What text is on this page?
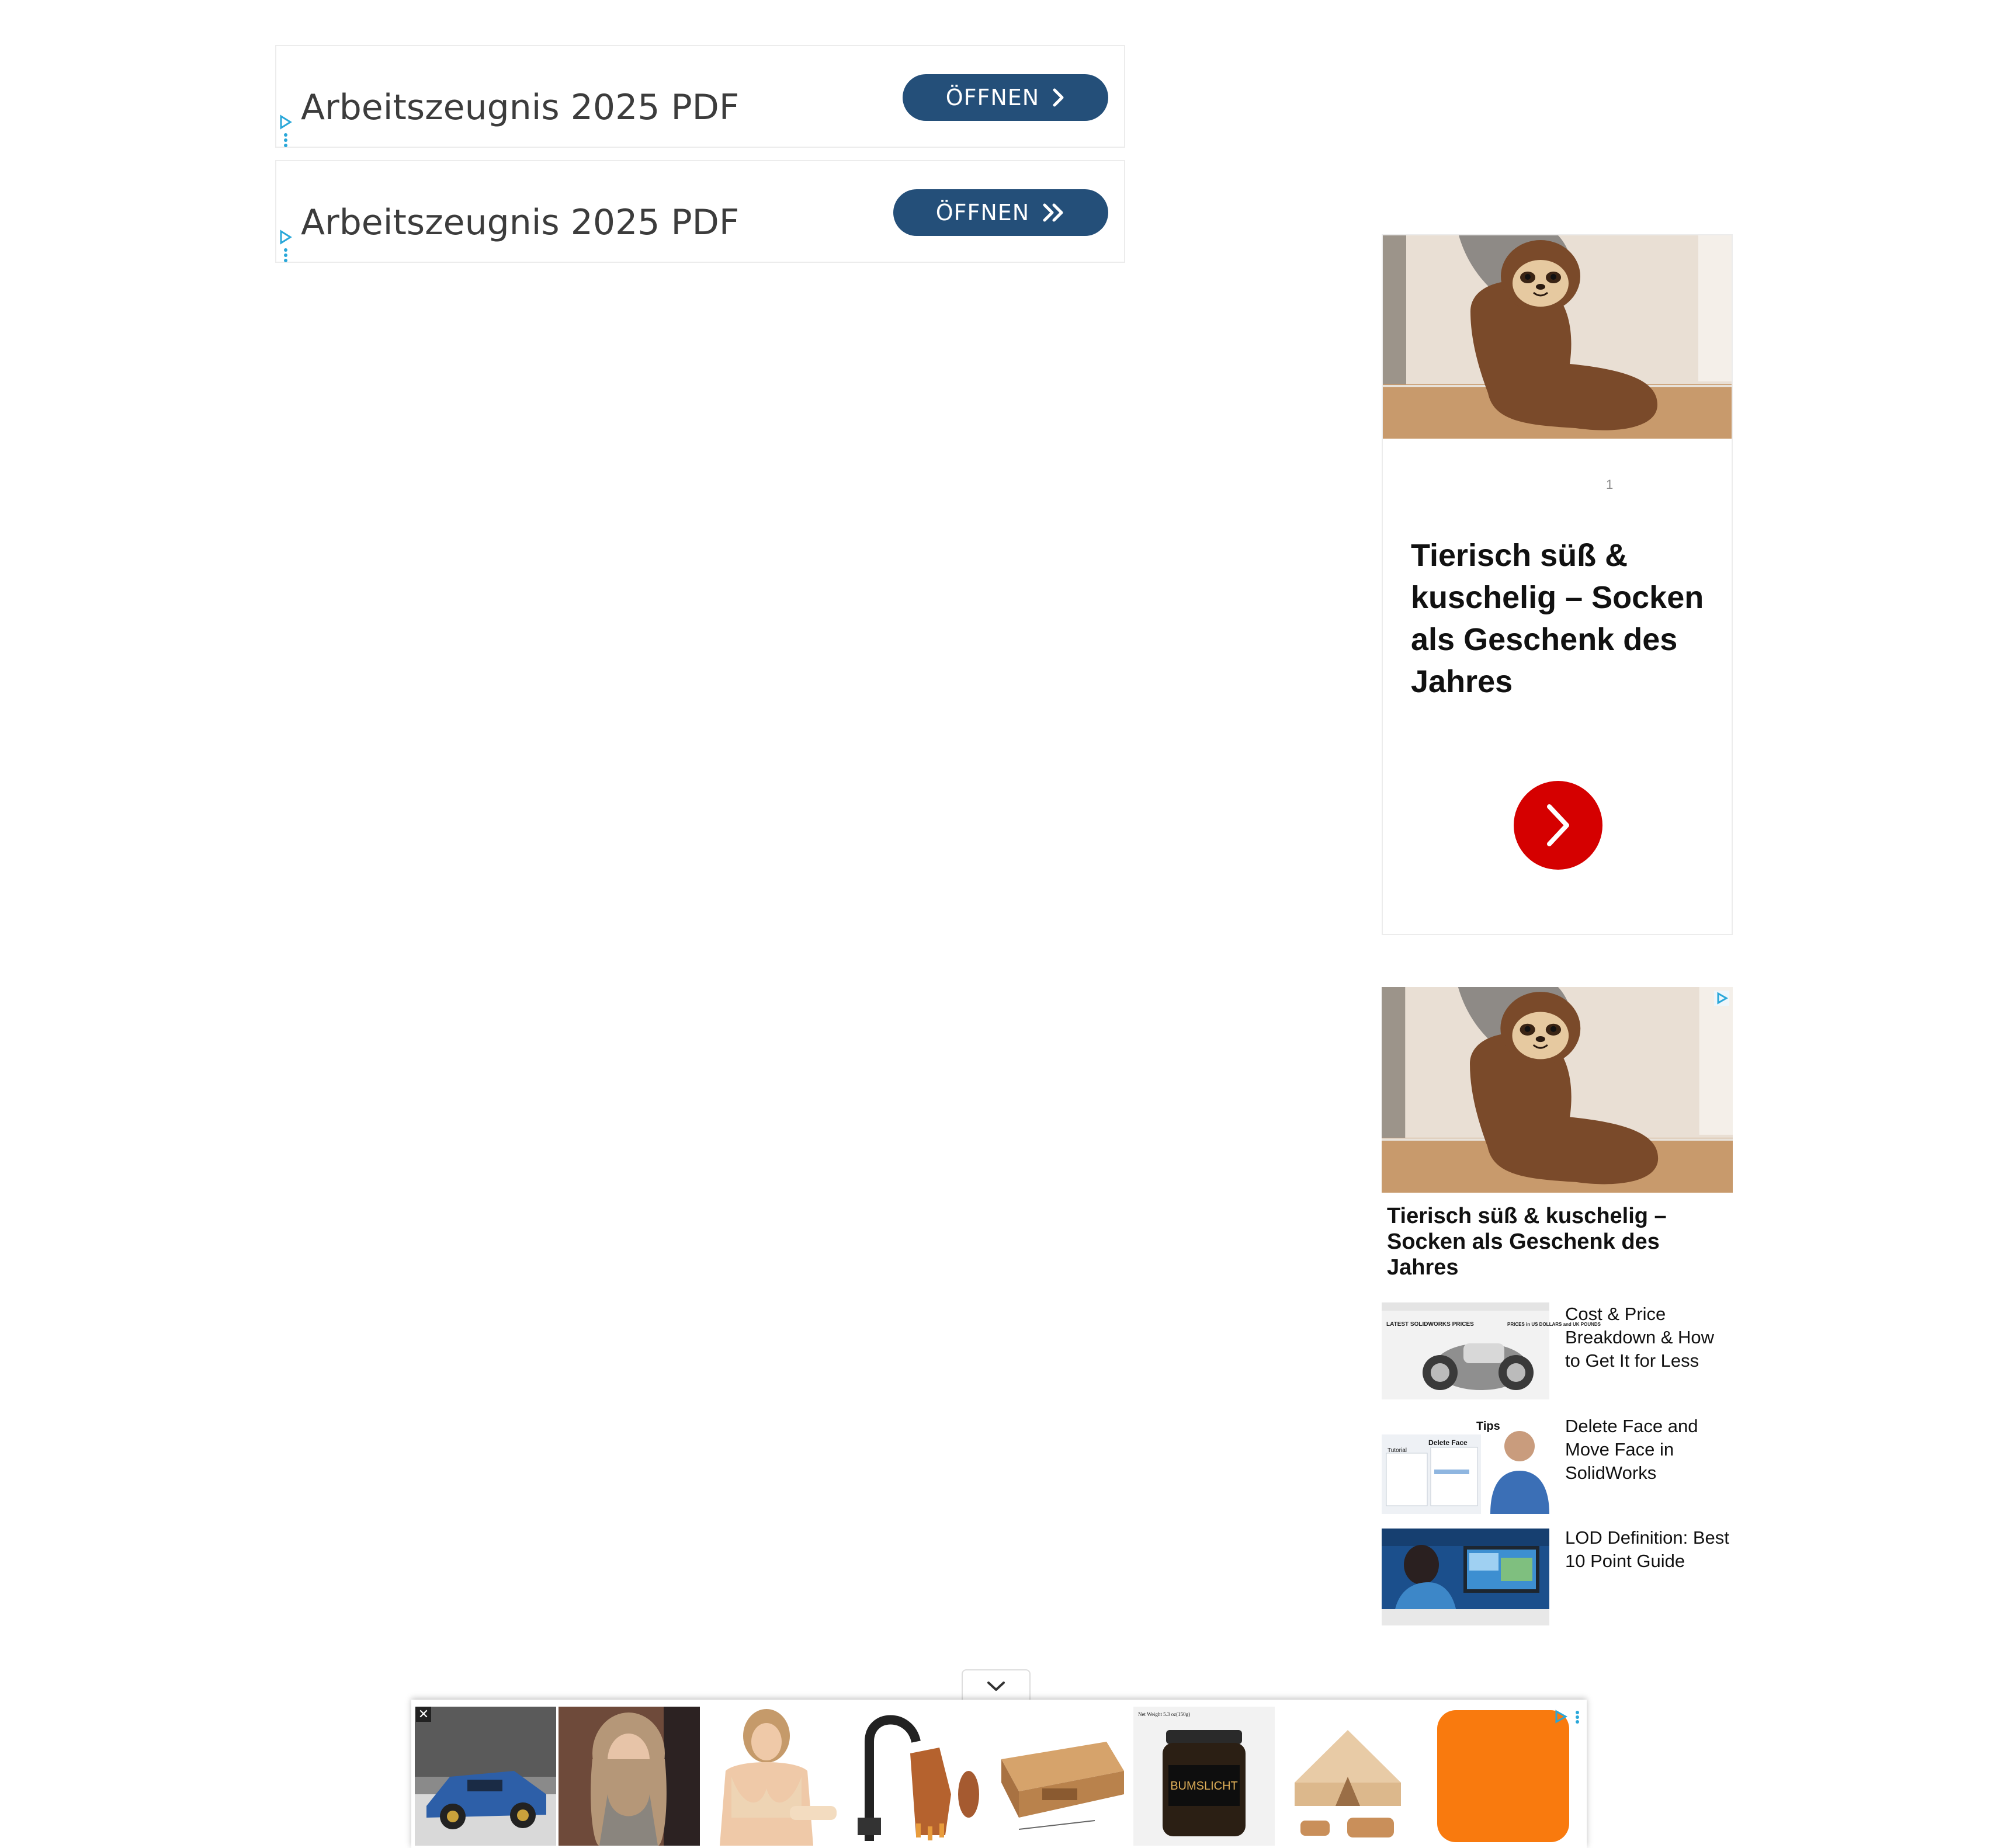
Arbeitszeugnis 2025 PDF	ÖFFNEN
Arbeitszeugnis 2025 PDF	ÖFFNEN
1
Tierisch süß & kuschelig – Socken als Geschenk des Jahres
Tierisch süß & kuschelig – Socken als Geschenk des Jahres
LATEST SOLIDWORKS PRICES	PRICES in US DOLLARS and UK POUNDS
Cost & Price Breakdown & How to Get It for Less
Tips
Delete Face
Tutorial
Delete Face and Move Face in SolidWorks
LOD Definition: Best 10 Point Guide
✕
BUMSLICHT
Net Weight 5.3 oz(150g)
